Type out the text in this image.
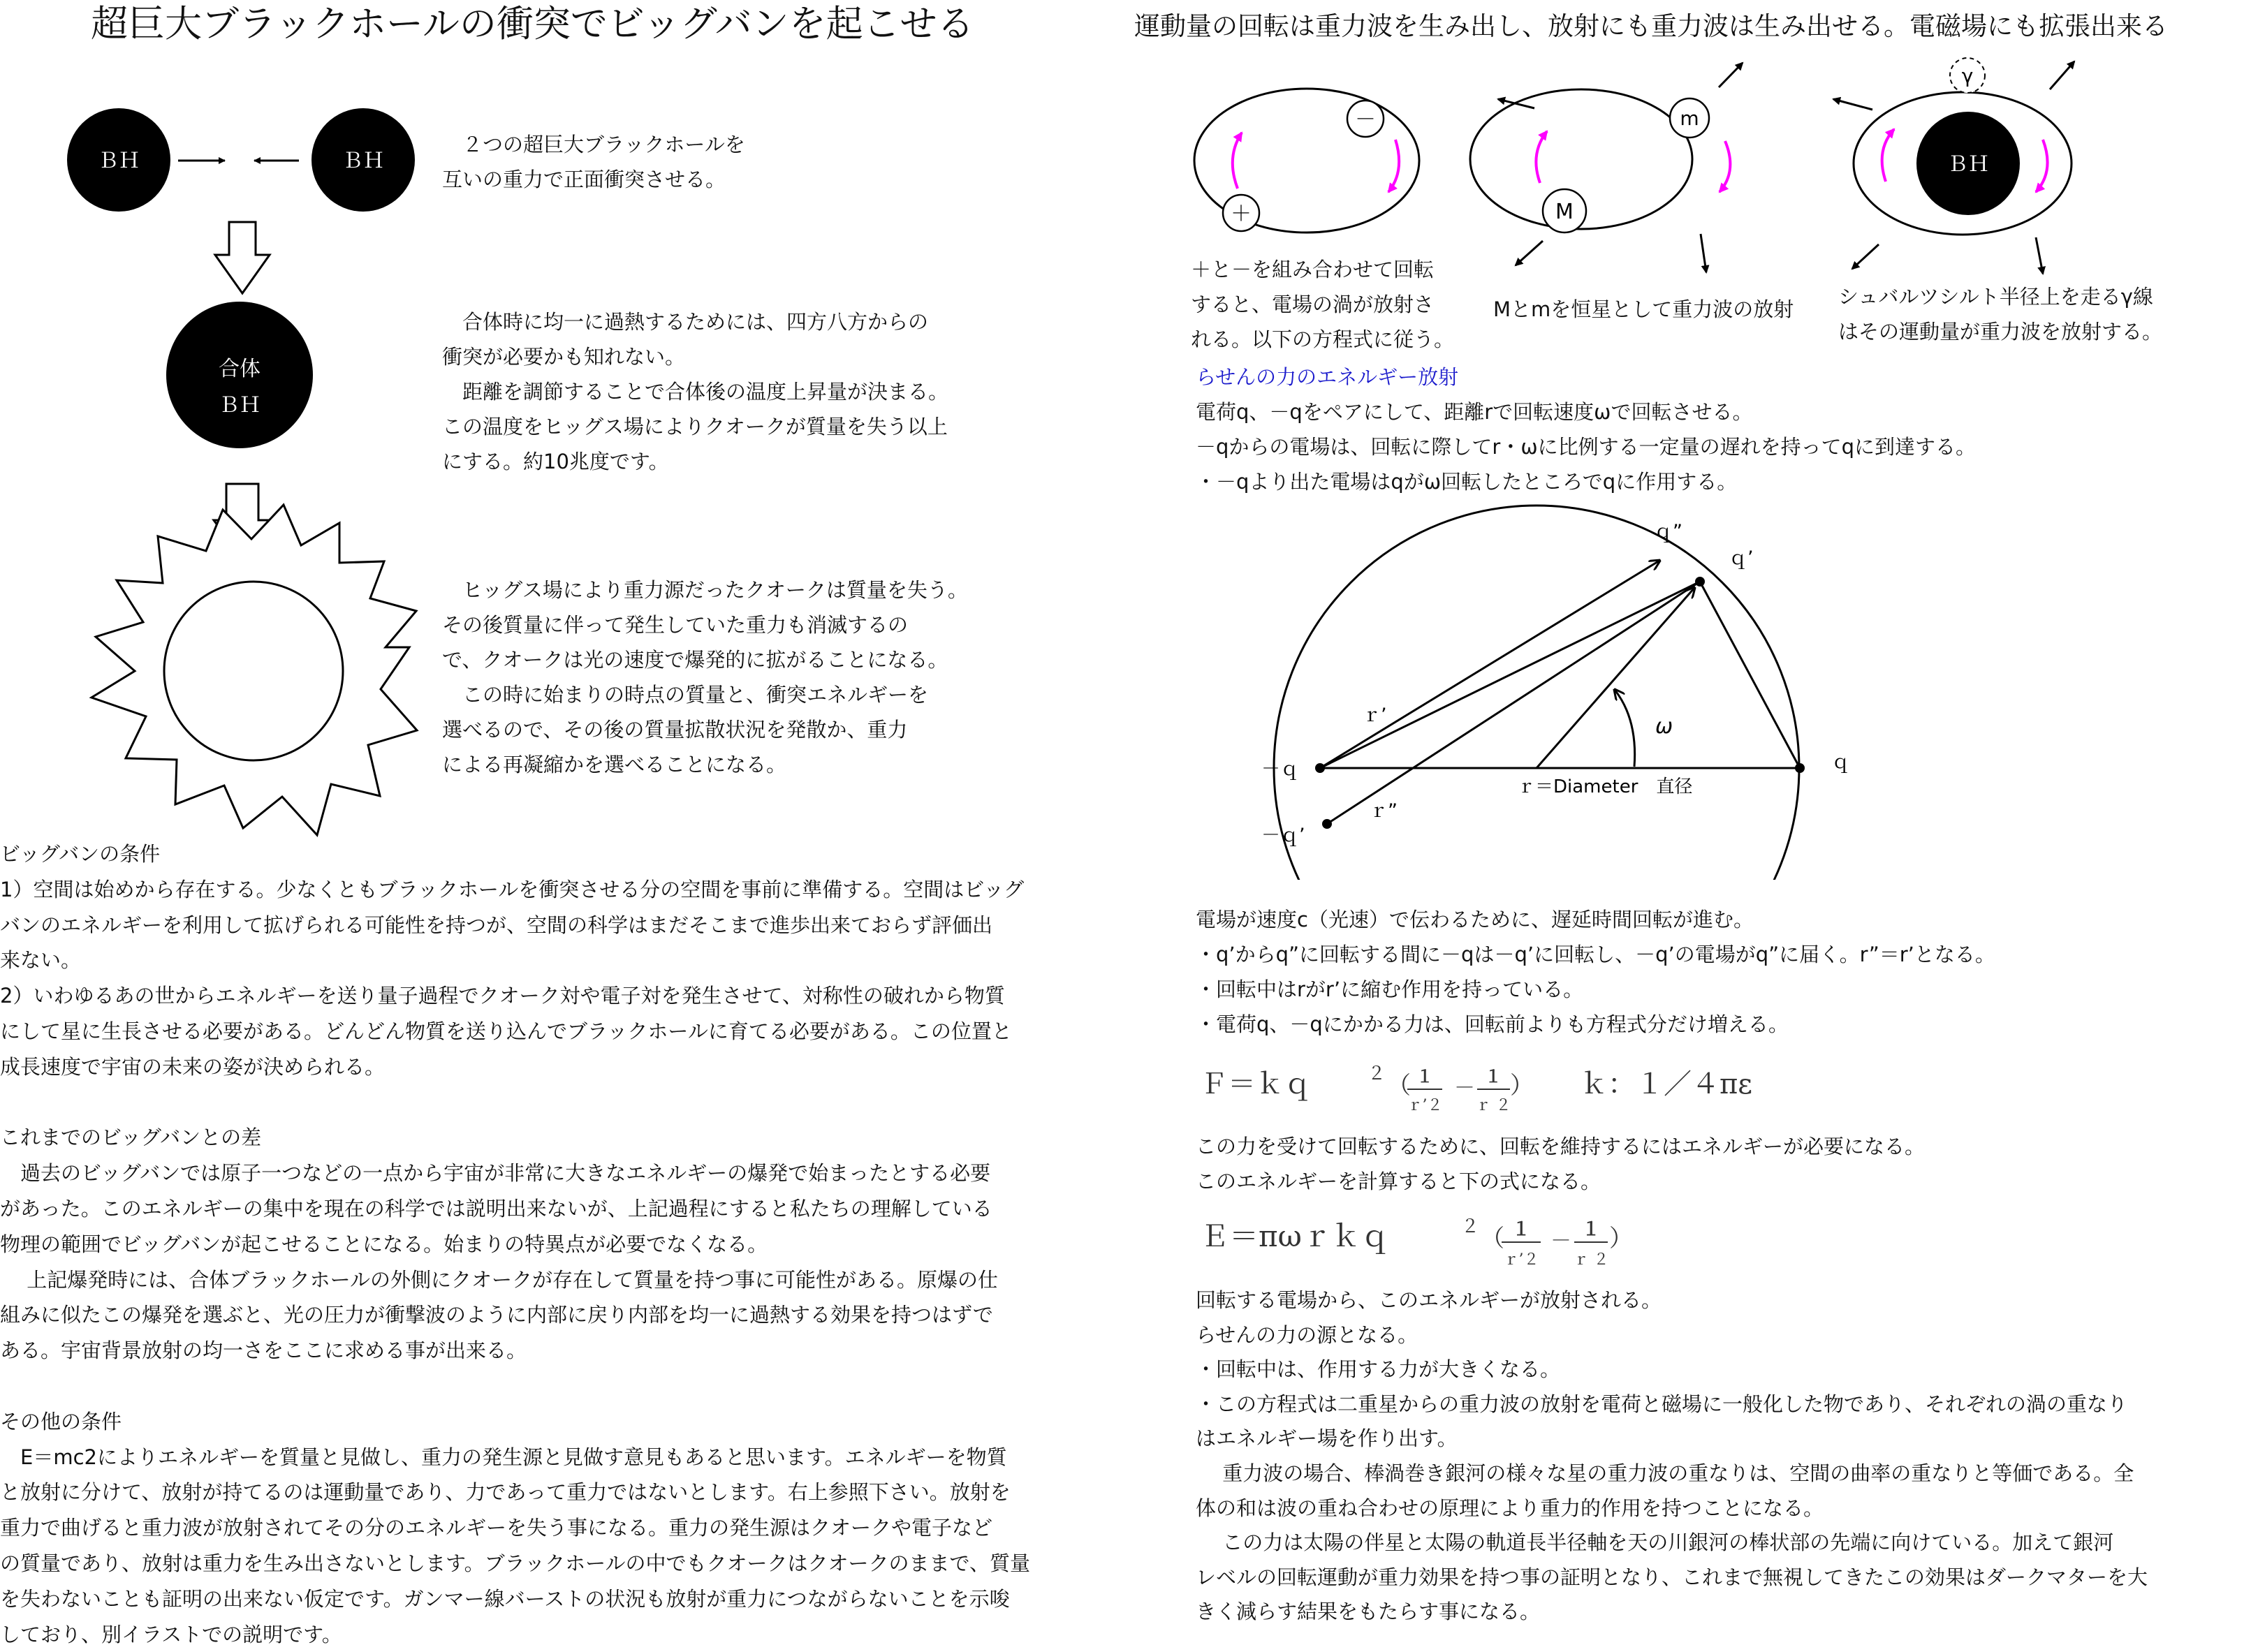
超巨大ブラックホールの衝突でビッグバンを起こせる
ＢＨ	ＢＨ
合体
ＢＨ
　２つの超巨大ブラックホールを
互いの重力で正面衝突させる。
　合体時に均一に過熱するためには、四方八方からの
衝突が必要かも知れない。
　距離を調節することで合体後の温度上昇量が決まる。
この温度をヒッグス場によりクオークが質量を失う以上
にする。約10兆度です。
　ヒッグス場により重力源だったクオークは質量を失う。
その後質量に伴って発生していた重力も消滅するの
で、クオークは光の速度で爆発的に拡がることになる。
　この時に始まりの時点の質量と、衝突エネルギーを
選べるので、その後の質量拡散状況を発散か、重力
による再凝縮かを選べることになる。
ビッグバンの条件
1）空間は始めから存在する。少なくともブラックホールを衝突させる分の空間を事前に準備する。空間はビッグ
バンのエネルギーを利用して拡げられる可能性を持つが、空間の科学はまだそこまで進歩出来ておらず評価出
来ない。
2）いわゆるあの世からエネルギーを送り量子過程でクオーク対や電子対を発生させて、対称性の破れから物質
にして星に生長させる必要がある。どんどん物質を送り込んでブラックホールに育てる必要がある。この位置と
成長速度で宇宙の未来の姿が決められる。
これまでのビッグバンとの差
　過去のビッグバンでは原子一つなどの一点から宇宙が非常に大きなエネルギーの爆発で始まったとする必要
があった。このエネルギーの集中を現在の科学では説明出来ないが、上記過程にすると私たちの理解している
物理の範囲でビッグバンが起こせることになる。始まりの特異点が必要でなくなる。
　 上記爆発時には、合体ブラックホールの外側にクオークが存在して質量を持つ事に可能性がある。原爆の仕
組みに似たこの爆発を選ぶと、光の圧力が衝撃波のように内部に戻り内部を均一に過熱する効果を持つはずで
ある。宇宙背景放射の均一さをここに求める事が出来る。
その他の条件
　E＝mc2によりエネルギーを質量と見做し、重力の発生源と見做す意見もあると思います。エネルギーを物質
と放射に分けて、放射が持てるのは運動量であり、力であって重力ではないとします。右上参照下さい。放射を
重力で曲げると重力波が放射されてその分のエネルギーを失う事になる。重力の発生源はクオークや電子など
の質量であり、放射は重力を生み出さないとします。ブラックホールの中でもクオークはクオークのままで、質量
を失わないことも証明の出来ない仮定です。ガンマー線バーストの状況も放射が重力につながらないことを示唆
しており、別イラストでの説明です。
運動量の回転は重力波を生み出し、放射にも重力波は生み出せる。電磁場にも拡張出来る
－
＋
m
M
ＢＨ
γ
＋と－を組み合わせて回転
すると、電場の渦が放射さ
れる。以下の方程式に従う。
Mとmを恒星として重力波の放射
シュバルツシルト半径上を走るγ線
はその運動量が重力波を放射する。
らせんの力のエネルギー放射
電荷q、－qをペアにして、距離rで回転速度ωで回転させる。
－qからの電場は、回転に際してr・ωに比例する一定量の遅れを持ってqに到達する。
・－qより出た電場はqがω回転したところでqに作用する。
ｑ”
ｑ’
ｒ’	ω
－ｑ	ｑ
ｒ＝Diameter　直径
－ｑ’
ｒ”
電場が速度c（光速）で伝わるために、遅延時間回転が進む。
・q’からq”に回転する間に－qは－q’に回転し、－q’の電場がq”に届く。r”＝r’となる。
・回転中はrがr’に縮む作用を持っている。
・電荷q、－qにかかる力は、回転前よりも方程式分だけ増える。
Ｆ＝ｋｑ	２ （ １
ｒ’２
－ １
ｒ ２
） ｋ：１／４πε
この力を受けて回転するために、回転を維持するにはエネルギーが必要になる。
このエネルギーを計算すると下の式になる。
Ｅ＝πωｒｋｑ	２ （ １
ｒ’２
－ １
ｒ ２
）
回転する電場から、このエネルギーが放射される。
らせんの力の源となる。
・回転中は、作用する力が大きくなる。
・この方程式は二重星からの重力波の放射を電荷と磁場に一般化した物であり、それぞれの渦の重なり
はエネルギー場を作り出す。
　 重力波の場合、棒渦巻き銀河の様々な星の重力波の重なりは、空間の曲率の重なりと等価である。全
体の和は波の重ね合わせの原理により重力的作用を持つことになる。
　 この力は太陽の伴星と太陽の軌道長半径軸を天の川銀河の棒状部の先端に向けている。加えて銀河
レベルの回転運動が重力効果を持つ事の証明となり、これまで無視してきたこの効果はダークマターを大
きく減らす結果をもたらす事になる。
